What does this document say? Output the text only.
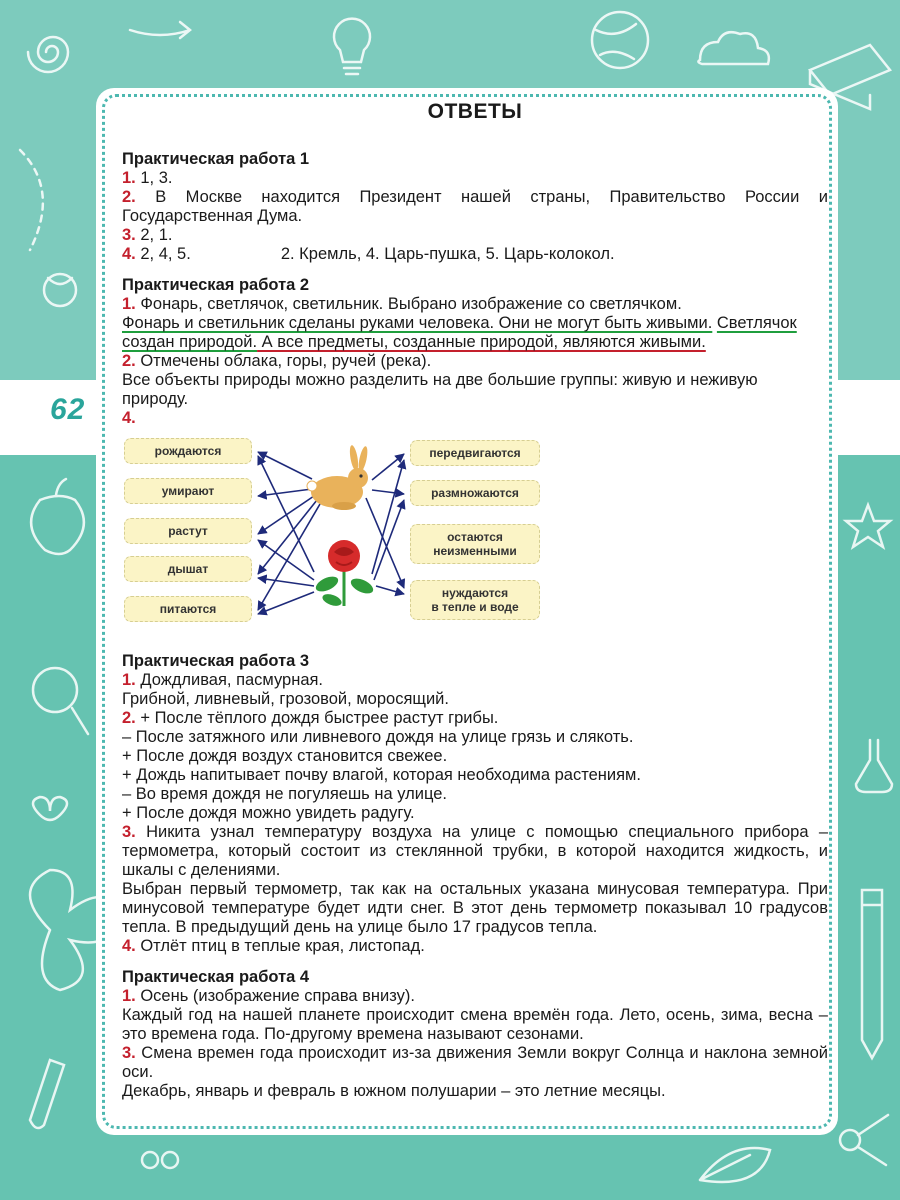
62
ОТВЕТЫ
Практическая работа 1

1. 1, 3.

2. В Москве находится Президент нашей страны, Правительство России и Государственная Дума.

3. 2, 1.

4. 2, 4, 5.	2. Кремль, 4. Царь-пушка, 5. Царь-колокол.

Практическая работа 2

1. Фонарь, светлячок, светильник. Выбрано изображение со светлячком.

Фонарь и светильник сделаны руками человека. Они не могут быть живыми. Светлячок создан природой. А все предметы, созданные природой, являются живыми.

2. Отмечены облака, горы, ручей (река).

Все объекты природы можно разделить на две большие группы: живую и неживую природу.

4.

рождаются
умирают
растут
дышат
питаются
передвигаются
размножаются
остаются
неизменными
нуждаются
в тепле и воде
Практическая работа 3

1. Дождливая, пасмурная.

Грибной, ливневый, грозовой, моросящий.

2. + После тёплого дождя быстрее растут грибы.

– После затяжного или ливневого дождя на улице грязь и слякоть.

+ После дождя воздух становится свежее.

+ Дождь напитывает почву влагой, которая необходима растениям.

– Во время дождя не погуляешь на улице.

+ После дождя можно увидеть радугу.

3. Никита узнал температуру воздуха на улице с помощью специального прибора – термометра, который состоит из стеклянной трубки, в которой находится жидкость, и шкалы с делениями.

Выбран первый термометр, так как на остальных указана минусовая температура. При минусовой температуре будет идти снег. В этот день термометр показывал 10 градусов тепла. В предыдущий день на улице было 17 градусов тепла.

4. Отлёт птиц в теплые края, листопад.

Практическая работа 4

1. Осень (изображение справа внизу).

Каждый год на нашей планете происходит смена времён года. Лето, осень, зима, весна – это времена года. По-другому времена называют сезонами.

3. Смена времен года происходит из-за движения Земли вокруг Солнца и наклона земной оси.

Декабрь, январь и февраль в южном полушарии – это летние месяцы.
